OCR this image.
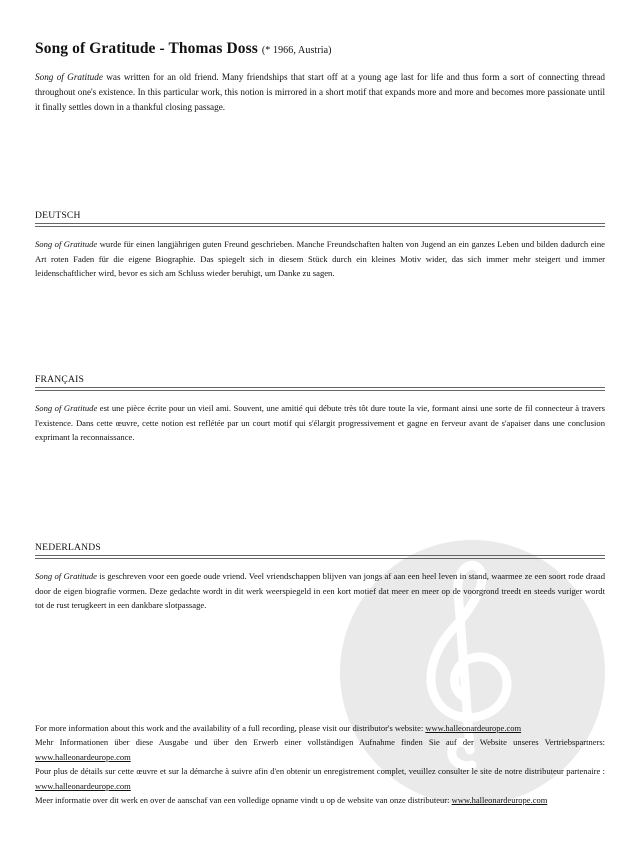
Song of Gratitude - Thomas Doss (* 1966, Austria)
Song of Gratitude was written for an old friend. Many friendships that start off at a young age last for life and thus form a sort of connecting thread throughout one's existence. In this particular work, this notion is mirrored in a short motif that expands more and more and becomes more passionate until it finally settles down in a thankful closing passage.
DEUTSCH
Song of Gratitude wurde für einen langjährigen guten Freund geschrieben. Manche Freundschaften halten von Jugend an ein ganzes Leben und bilden dadurch eine Art roten Faden für die eigene Biographie. Das spiegelt sich in diesem Stück durch ein kleines Motiv wider, das sich immer mehr steigert und immer leidenschaftlicher wird, bevor es sich am Schluss wieder beruhigt, um Danke zu sagen.
FRANÇAIS
Song of Gratitude est une pièce écrite pour un vieil ami. Souvent, une amitié qui débute très tôt dure toute la vie, formant ainsi une sorte de fil connecteur à travers l'existence. Dans cette œuvre, cette notion est reflétée par un court motif qui s'élargit progressivement et gagne en ferveur avant de s'apaiser dans une conclusion exprimant la reconnaissance.
NEDERLANDS
Song of Gratitude is geschreven voor een goede oude vriend. Veel vriendschappen blijven van jongs af aan een heel leven in stand, waarmee ze een soort rode draad door de eigen biografie vormen. Deze gedachte wordt in dit werk weerspiegeld in een kort motief dat meer en meer op de voorgrond treedt en steeds vuriger wordt tot de rust terugkeert in een dankbare slotpassage.

For more information about this work and the availability of a full recording, please visit our distributor's website: www.halleonardeurope.com

Mehr Informationen über diese Ausgabe und über den Erwerb einer vollständigen Aufnahme finden Sie auf der Website unseres Vertriebspartners: www.halleonardeurope.com

Pour plus de détails sur cette œuvre et sur la démarche à suivre afin d'en obtenir un enregistrement complet, veuillez consulter le site de notre distributeur partenaire : www.halleonardeurope.com

Meer informatie over dit werk en over de aanschaf van een volledige opname vindt u op de website van onze distributeur: www.halleonardeurope.com
